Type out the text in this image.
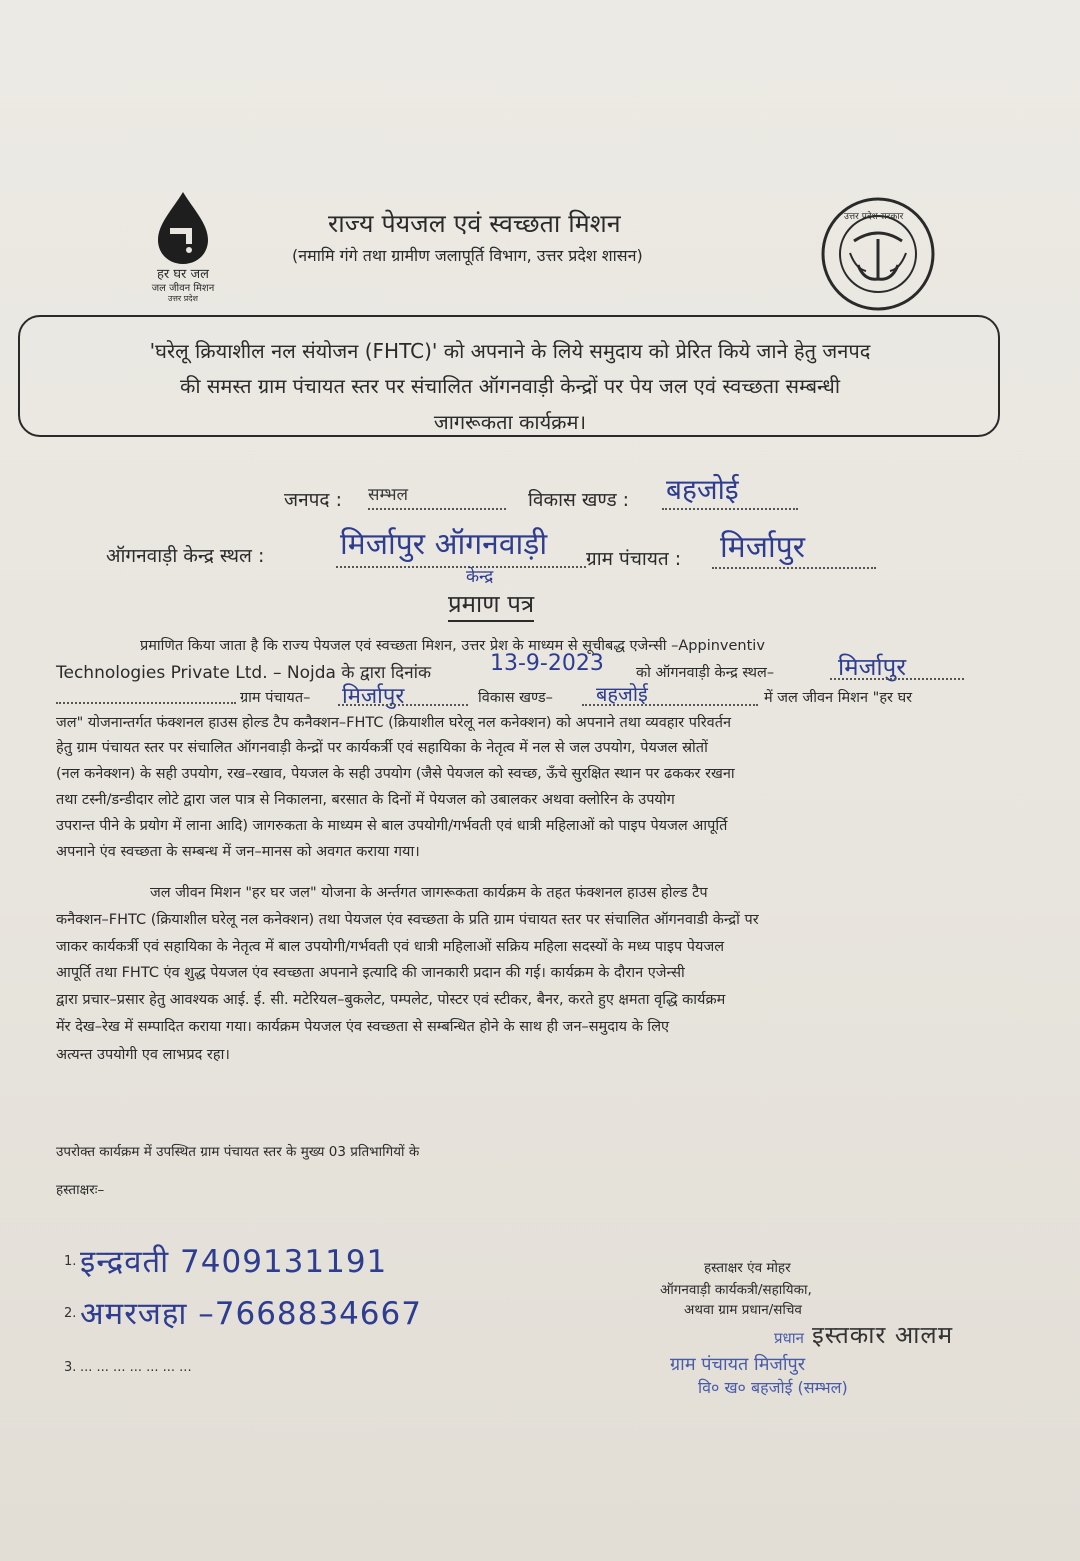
हर घर जल
जल जीवन मिशन
उत्तर प्रदेश
राज्य पेयजल एवं स्वच्छता मिशन
(नमामि गंगे तथा ग्रामीण जलापूर्ति विभाग, उत्तर प्रदेश शासन)
उत्तर प्रदेश सरकार
'घरेलू क्रियाशील नल संयोजन (FHTC)' को अपनाने के लिये समुदाय को प्रेरित किये जाने हेतु जनपद
की समस्त ग्राम पंचायत स्तर पर संचालित ऑगनवाड़ी केन्द्रों पर पेय जल एवं स्वच्छता सम्बन्धी
जागरूकता कार्यक्रम।
जनपद : सम्भल	विकास खण्ड : बहजोई
ऑगनवाड़ी केन्द्र स्थल :	मिर्जापुर ऑगनवाड़ी
केन्द्र
ग्राम पंचायत : मिर्जापुर
प्रमाण पत्र
प्रमाणित किया जाता है कि राज्य पेयजल एवं स्वच्छता मिशन, उत्तर प्रेश के माध्यम से सूचीबद्ध एजेन्सी –Appinventiv
Technologies Private Ltd. – Nojda के द्वारा दिनांक	13-9-2023 को ऑगनवाड़ी केन्द्र स्थल–	मिर्जापुर
ग्राम पंचायत– मिर्जापुर	विकास खण्ड– बहजोई	में जल जीवन मिशन "हर घर
जल" योजनान्तर्गत फंक्शनल हाउस होल्ड टैप कनैक्शन–FHTC (क्रियाशील घरेलू नल कनेक्शन) को अपनाने तथा व्यवहार परिवर्तन
हेतु ग्राम पंचायत स्तर पर संचालित ऑगनवाड़ी केन्द्रों पर कार्यकर्त्री एवं सहायिका के नेतृत्व में नल से जल उपयोग, पेयजल स्रोतों
(नल कनेक्शन) के सही उपयोग, रख–रखाव, पेयजल के सही उपयोग (जैसे पेयजल को स्वच्छ, ऊँचे सुरक्षित स्थान पर ढककर रखना
तथा टस्नी/डन्डीदार लोटे द्वारा जल पात्र से निकालना, बरसात के दिनों में पेयजल को उबालकर अथवा क्लोरिन के उपयोग
उपरान्त पीने के प्रयोग में लाना आदि) जागरुकता के माध्यम से बाल उपयोगी/गर्भवती एवं धात्री महिलाओं को पाइप पेयजल आपूर्ति
अपनाने एंव स्वच्छता के सम्बन्ध में जन–मानस को अवगत कराया गया।
जल जीवन मिशन "हर घर जल" योजना के अर्न्तगत जागरूकता कार्यक्रम के तहत फंक्शनल हाउस होल्ड टैप
कनैक्शन–FHTC (क्रियाशील घरेलू नल कनेक्शन) तथा पेयजल एंव स्वच्छता के प्रति ग्राम पंचायत स्तर पर संचालित ऑगनवाडी केन्द्रों पर
जाकर कार्यकर्त्री एवं सहायिका के नेतृत्व में बाल उपयोगी/गर्भवती एवं धात्री महिलाओं सक्रिय महिला सदस्यों के मध्य पाइप पेयजल
आपूर्ति तथा FHTC एंव शुद्ध पेयजल एंव स्वच्छता अपनाने इत्यादि की जानकारी प्रदान की गई। कार्यक्रम के दौरान एजेन्सी
द्वारा प्रचार–प्रसार हेतु आवश्यक आई. ई. सी. मटेरियल–बुकलेट, पम्पलेट, पोस्टर एवं स्टीकर, बैनर, करते हुए क्षमता वृद्धि कार्यक्रम
मेंर देख–रेख में सम्पादित कराया गया। कार्यक्रम पेयजल एंव स्वच्छता से सम्बन्धित होने के साथ ही जन–समुदाय के लिए
अत्यन्त उपयोगी एव लाभप्रद रहा।
उपरोक्त कार्यक्रम में उपस्थित ग्राम पंचायत स्तर के मुख्य 03 प्रतिभागियों के
हस्ताक्षरः–
1. इन्द्रवती 7409131191
2. अमरजहा –7668834667
3. ... ... ... ... ... ... ...
हस्ताक्षर एंव मोहर
ऑगनवाड़ी कार्यकत्री/सहायिका,
अथवा ग्राम प्रधान/सचिव
प्रधान इस्तकार आलम
ग्राम पंचायत मिर्जापुर
वि० ख० बहजोई (सम्भल)
